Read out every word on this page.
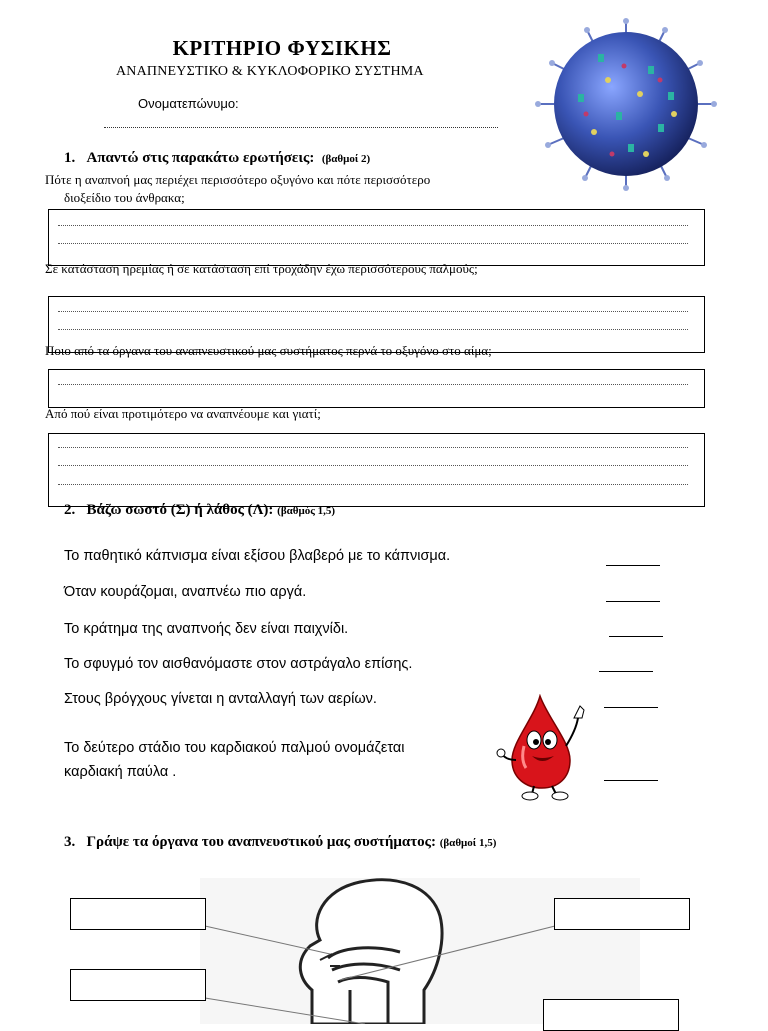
ΚΡΙΤΗΡΙΟ ΦΥΣΙΚΗΣ
ΑΝΑΠΝΕΥΣΤΙΚΟ & ΚΥΚΛΟΦΟΡΙΚΟ ΣΥΣΤΗΜΑ
Ονοματεπώνυμο:
1. Απαντώ στις παρακάτω ερωτήσεις: (βαθμοί 2)
Πότε η αναπνοή μας περιέχει περισσότερο οξυγόνο και πότε περισσότερο
διοξείδιο του άνθρακα;
Σε κατάσταση ηρεμίας ή σε κατάσταση επί τροχάδην έχω περισσότερους παλμούς;
Ποιο από τα όργανα του αναπνευστικού μας συστήματος περνά το οξυγόνο στο αίμα;
Από πού είναι προτιμότερο να αναπνέουμε και γιατί;
2. Βάζω σωστό (Σ) ή λάθος (Λ): (βαθμός 1,5)
Το παθητικό κάπνισμα είναι εξίσου βλαβερό με το κάπνισμα.
Όταν κουράζομαι, αναπνέω πιο αργά.
Το κράτημα της αναπνοής δεν είναι παιχνίδι.
Το σφυγμό τον αισθανόμαστε στον αστράγαλο επίσης.
Στους βρόγχους γίνεται η ανταλλαγή των αερίων.
Το δεύτερο στάδιο του καρδιακού παλμού ονομάζεται
καρδιακή παύλα .
3. Γράψε τα όργανα του αναπνευστικού μας συστήματος: (βαθμοί 1,5)
